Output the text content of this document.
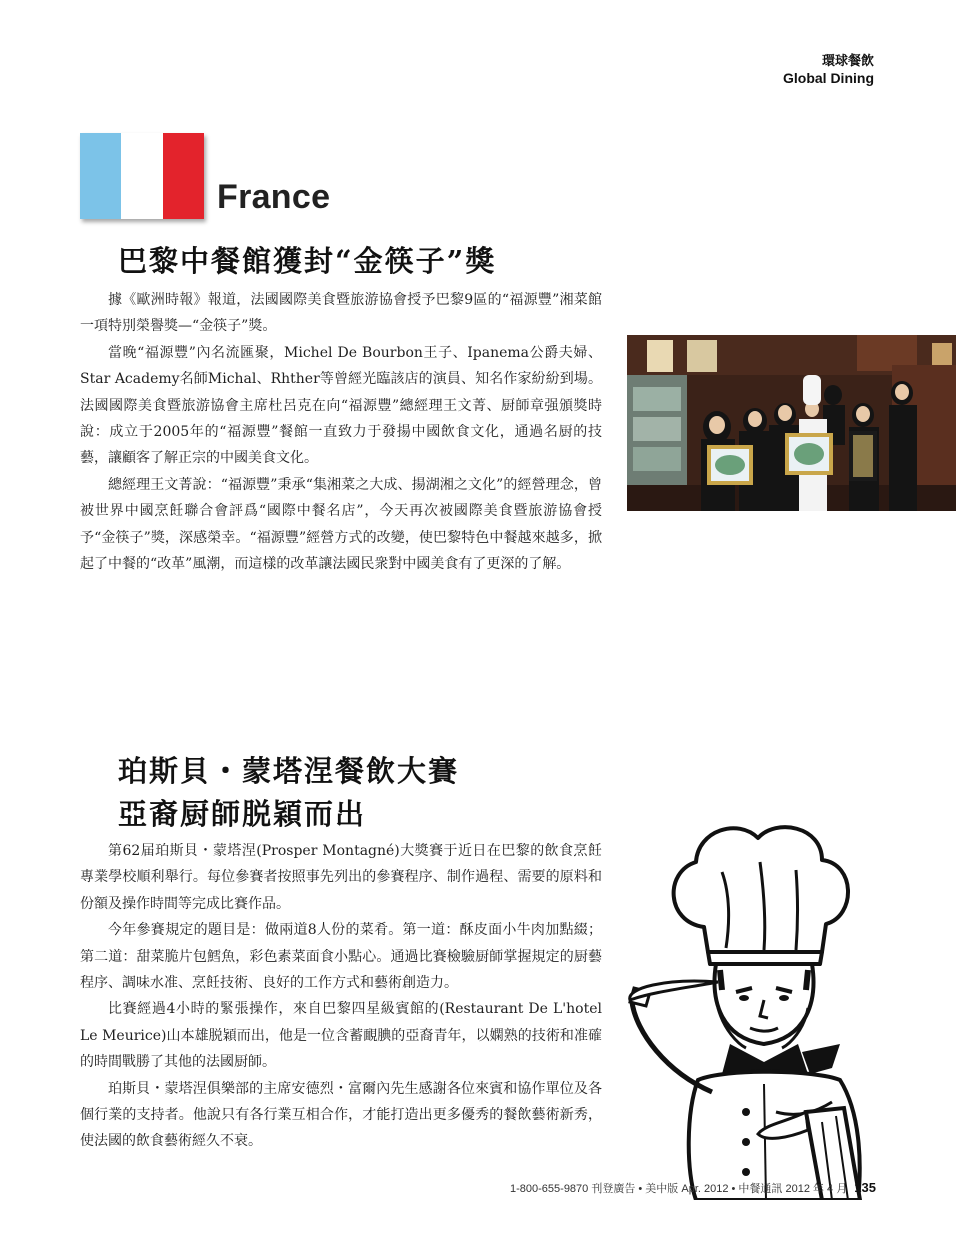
環球餐飲
Global Dining
France
巴黎中餐館獲封“金筷子”獎

據《歐洲時報》報道，法國國際美食暨旅游協會授予巴黎9區的“福源豐”湘菜館一項特別榮譽獎—“金筷子”獎。

當晚“福源豐”內名流匯聚，Michel De Bourbon王子、Ipanema公爵夫婦、Star Academy名師Michal、Rhther等曾經光臨該店的演員、知名作家紛紛到場。法國國際美食暨旅游協會主席杜呂克在向“福源豐”總經理王文菁、厨師章强頒獎時說：成立于2005年的“福源豐”餐館一直致力于發揚中國飲食文化，通過名厨的技藝，讓顧客了解正宗的中國美食文化。

總經理王文菁說：“福源豐”秉承“集湘菜之大成、揚湖湘之文化”的經營理念，曾被世界中國烹飪聯合會評爲“國際中餐名店”，今天再次被國際美食暨旅游協會授予“金筷子”獎，深感榮幸。“福源豐”經營方式的改變，使巴黎特色中餐越來越多，掀起了中餐的“改革”風潮，而這樣的改革讓法國民衆對中國美食有了更深的了解。

珀斯貝・蒙塔涅餐飲大賽
亞裔厨師脱穎而出

第62届珀斯貝・蒙塔涅(Prosper Montagné)大獎賽于近日在巴黎的飲食烹飪專業學校順利舉行。每位參賽者按照事先列出的參賽程序、制作過程、需要的原料和份額及操作時間等完成比賽作品。

今年參賽規定的題目是：做兩道8人份的菜肴。第一道：酥皮面小牛肉加點綴；第二道：甜菜脆片包鱈魚，彩色素菜面食小點心。通過比賽檢驗厨師掌握規定的厨藝程序、調味水准、烹飪技術、良好的工作方式和藝術創造力。

比賽經過4小時的緊張操作，來自巴黎四星級賓館的(Restaurant De L'hotel Le Meurice)山本雄脱穎而出，他是一位含蓄靦腆的亞裔青年，以嫻熟的技術和准確的時間戰勝了其他的法國厨師。

珀斯貝・蒙塔涅俱樂部的主席安德烈・富爾內先生感謝各位來賓和協作單位及各個行業的支持者。他說只有各行業互相合作，才能打造出更多優秀的餐飲藝術新秀，使法國的飲食藝術經久不衰。

1-800-655-9870 刊登廣告 • 美中版 Apr. 2012 • 中餐通訊 2012 年 4 月 135
